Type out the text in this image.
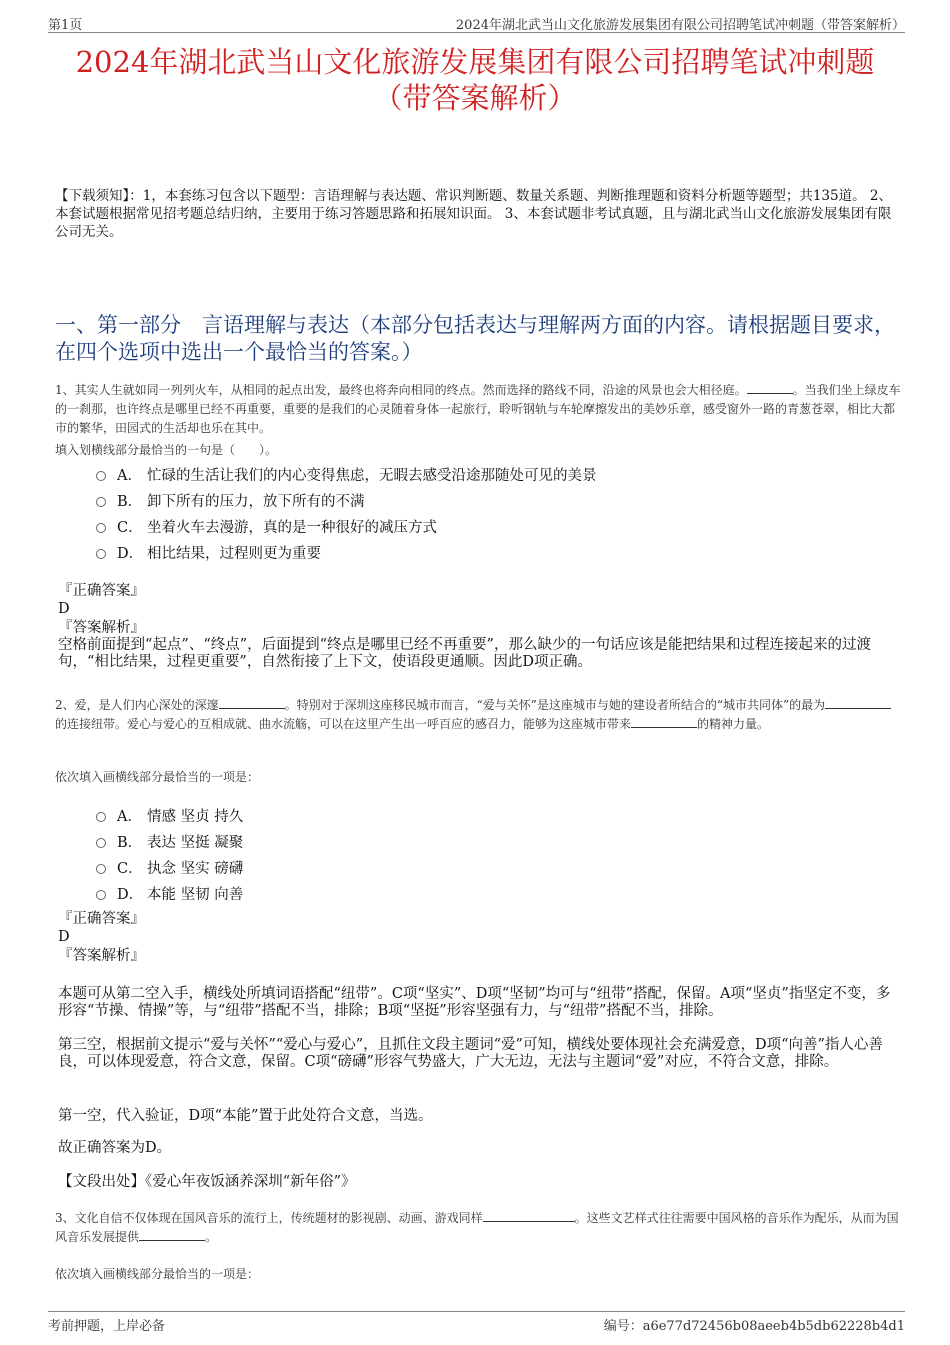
第1页	2024年湖北武当山文化旅游发展集团有限公司招聘笔试冲刺题（带答案解析）
2024年湖北武当山文化旅游发展集团有限公司招聘笔试冲刺题
（带答案解析）
【下载须知】：1，本套练习包含以下题型：言语理解与表达题、常识判断题、数量关系题、判断推理题和资料分析题等题型；共135道。 2、本套试题根据常见招考题总结归纳，主要用于练习答题思路和拓展知识面。 3、本套试题非考试真题，且与湖北武当山文化旅游发展集团有限公司无关。
一、第一部分　言语理解与表达（本部分包括表达与理解两方面的内容。请根据题目要求，在四个选项中选出一个最恰当的答案。）
1、其实人生就如同一列列火车，从相同的起点出发，最终也将奔向相同的终点。然而选择的路线不同，沿途的风景也会大相径庭。	。当我们坐上绿皮车的一刹那，也许终点是哪里已经不再重要，重要的是我们的心灵随着身体一起旅行，聆听钢轨与车轮摩擦发出的美妙乐章，感受窗外一路的青葱苍翠，相比大都市的繁华，田园式的生活却也乐在其中。
填入划横线部分最恰当的一句是（　　）。
A． 忙碌的生活让我们的内心变得焦虑，无暇去感受沿途那随处可见的美景
B． 卸下所有的压力，放下所有的不满
C． 坐着火车去漫游，真的是一种很好的减压方式
D． 相比结果，过程则更为重要
『正确答案』
D
『答案解析』
空格前面提到“起点”、“终点”，后面提到“终点是哪里已经不再重要”，那么缺少的一句话应该是能把结果和过程连接起来的过渡句，“相比结果，过程更重要”，自然衔接了上下文，使语段更通顺。因此D项正确。
2、爱，是人们内心深处的深邃	。特别对于深圳这座移民城市而言，“爱与关怀”是这座城市与她的建设者所结合的“城市共同体”的最为的连接纽带。爱心与爱心的互相成就、曲水流觞，可以在这里产生出一呼百应的感召力，能够为这座城市带来	的精神力量。
依次填入画横线部分最恰当的一项是：
A． 情感 坚贞 持久
B． 表达 坚挺 凝聚
C． 执念 坚实 磅礴
D． 本能 坚韧 向善
『正确答案』
D
『答案解析』
本题可从第二空入手，横线处所填词语搭配“纽带”。C项“坚实”、D项“坚韧”均可与“纽带”搭配，保留。A项“坚贞”指坚定不变，多形容“节操、情操”等，与“纽带”搭配不当，排除；B项“坚挺”形容坚强有力，与“纽带”搭配不当，排除。
第三空，根据前文提示“爱与关怀”“爱心与爱心”，且抓住文段主题词“爱”可知，横线处要体现社会充满爱意，D项“向善”指人心善良，可以体现爱意，符合文意，保留。C项“磅礴”形容气势盛大，广大无边，无法与主题词“爱”对应，不符合文意，排除。
第一空，代入验证，D项“本能”置于此处符合文意，当选。
故正确答案为D。
【文段出处】《爱心年夜饭涵养深圳“新年俗”》
3、文化自信不仅体现在国风音乐的流行上，传统题材的影视剧、动画、游戏同样	。这些文艺样式往往需要中国风格的音乐作为配乐，从而为国风音乐发展提供	。
依次填入画横线部分最恰当的一项是：
考前押题，上岸必备	编号：a6e77d72456b08aeeb4b5db62228b4d1
